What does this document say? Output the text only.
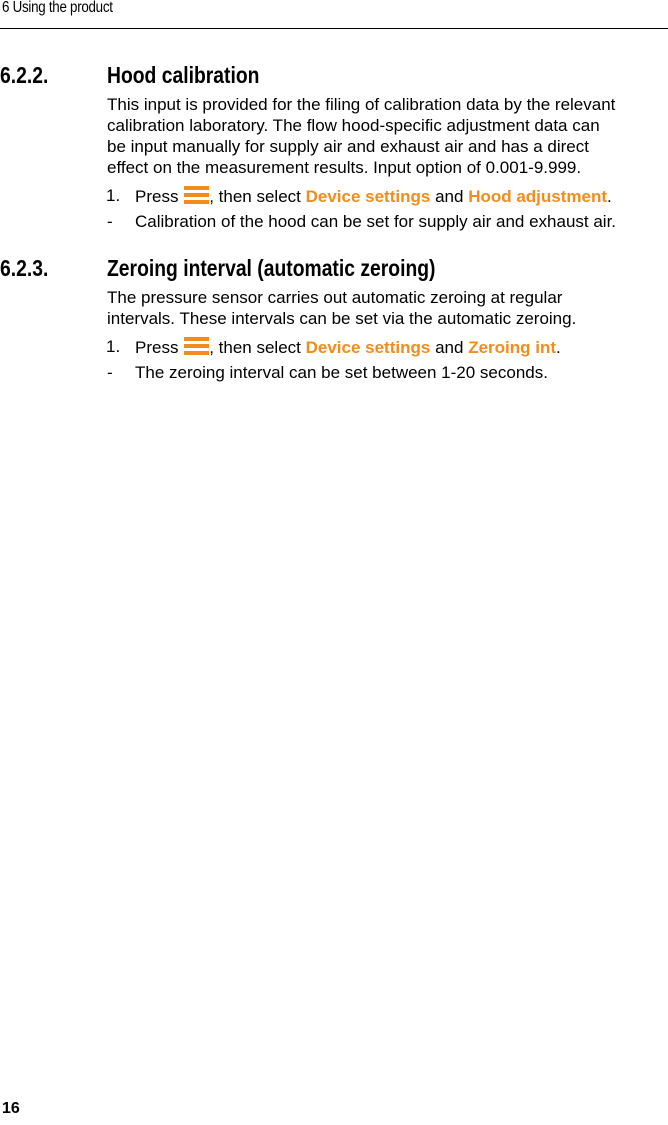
6 Using the product
6.2.2.	Hood calibration
This input is provided for the filing of calibration data by the relevant
calibration laboratory. The flow hood-specific adjustment data can
be input manually for supply air and exhaust air and has a direct
effect on the measurement results. Input option of 0.001-9.999.
1. Press , then select Device settings and Hood adjustment.
- Calibration of the hood can be set for supply air and exhaust air.
6.2.3.	Zeroing interval (automatic zeroing)
The pressure sensor carries out automatic zeroing at regular
intervals. These intervals can be set via the automatic zeroing.
1. Press , then select Device settings and Zeroing int.
- The zeroing interval can be set between 1-20 seconds.
16
